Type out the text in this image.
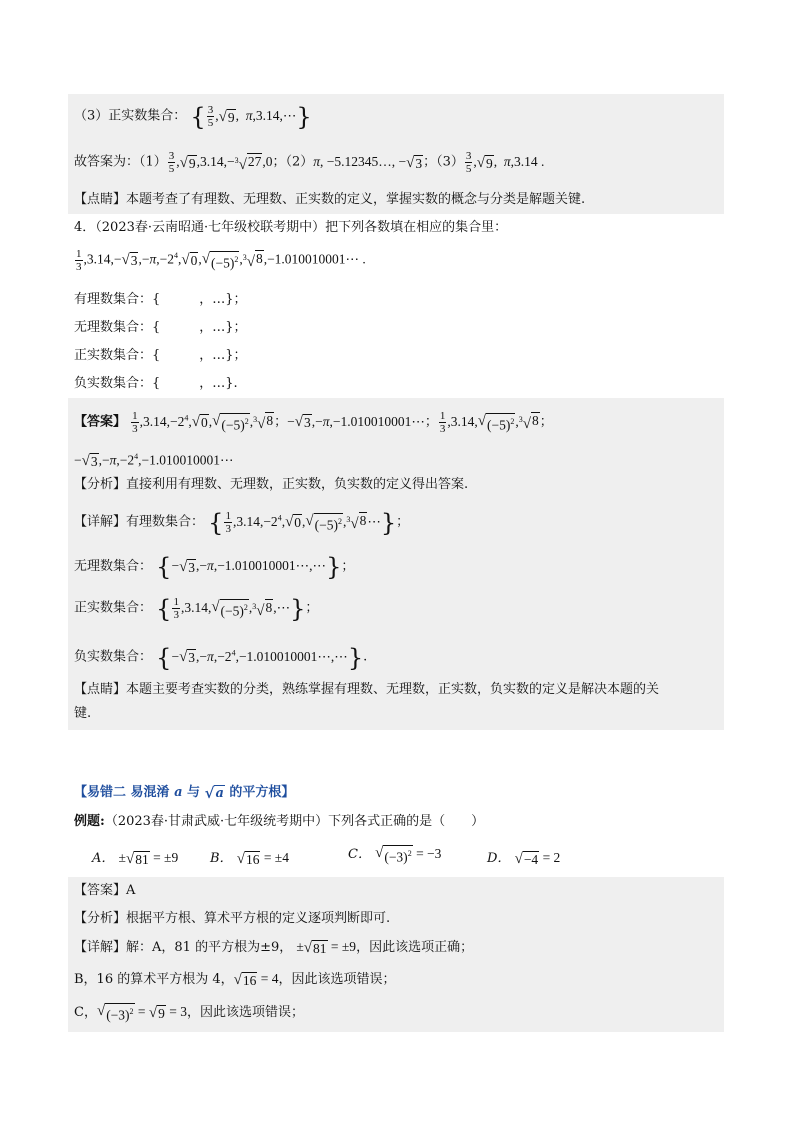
（3）正实数集合： { $\frac{3}{5}$ , √ 9 ,  π,3.14,⋯}
故答案为：$(1) \frac{3}{5}$ , √ 9 ,3.14,− $^3$√ 27 ,0；（2）π, −5.12345…, − √ 3 ；$(3) \frac{3}{5}$ , √ 9 ,  π,3.14 .
【点睛】本题考查了有理数、无理数、正实数的定义，掌握实数的概念与分类是解题关键.
4．（2023春·云南昭通·七年级校联考期中）把下列各数填在相应的集合里：
$\frac{1}{3} ,3.14,-$ √ 3 $,-\pi,-2^4$, √ 0 , √ $(-5)^2$ , $^3$√ 8 ,−1.010010001⋯ .
有理数集合：{　　　，…}；
无理数集合：{　　　，…}；
正实数集合：{　　　，…}；
负实数集合：{　　　，…}.
【答案】 $\frac{1}{3} ,3.14,-2^4$, √ 0 , √ $(-5)^2$ , $^3$√ 8 ；− √ 3 ,−π,−1.010010001⋯； $\frac{1}{3} ,3.14$, √ $(-5)^2$ , $^3$√ 8 ；
− √ 3 $,-\pi,-2^4,-1.010010001\cdots$
【分析】直接利用有理数、无理数，正实数，负实数的定义得出答案.
【详解】有理数集合： { $\frac{1}{3} ,3.14,-2^4$, √ 0 , √ $(-5)^2$ , $^3$√ 8 ⋯}；
无理数集合： {− √ 3 ,−π,−1.010010001⋯,⋯}；
正实数集合： { $\frac{1}{3} ,3.14$, √ $(-5)^2$ , $^3$√ 8 ,⋯}；
负实数集合： {− √ 3 $,-\pi,-2^4,-1.010010001\cdots,\cdots$}.
【点睛】本题主要考查实数的分类，熟练掌握有理数、无理数，正实数，负实数的定义是解决本题的关
键.
【易错二 易混淆 a 与 √ a 的平方根】
例题:（2023春·甘肃武威·七年级统考期中）下列各式正确的是（　　）
A． ± √ 81 = ±9 B． √ 16 = ±4	C． √ $(-3)^2 = -3$	D． √ −4 = 2
【答案】A
【分析】根据平方根、算术平方根的定义逐项判断即可.
【详解】解：A，81 的平方根为±9， ± √ 81 = ±9，因此该选项正确；
B，16 的算术平方根为 4， √ 16 = 4，因此该选项错误；
C， √ $(-3)^2$ = √ 9 = 3，因此该选项错误；
